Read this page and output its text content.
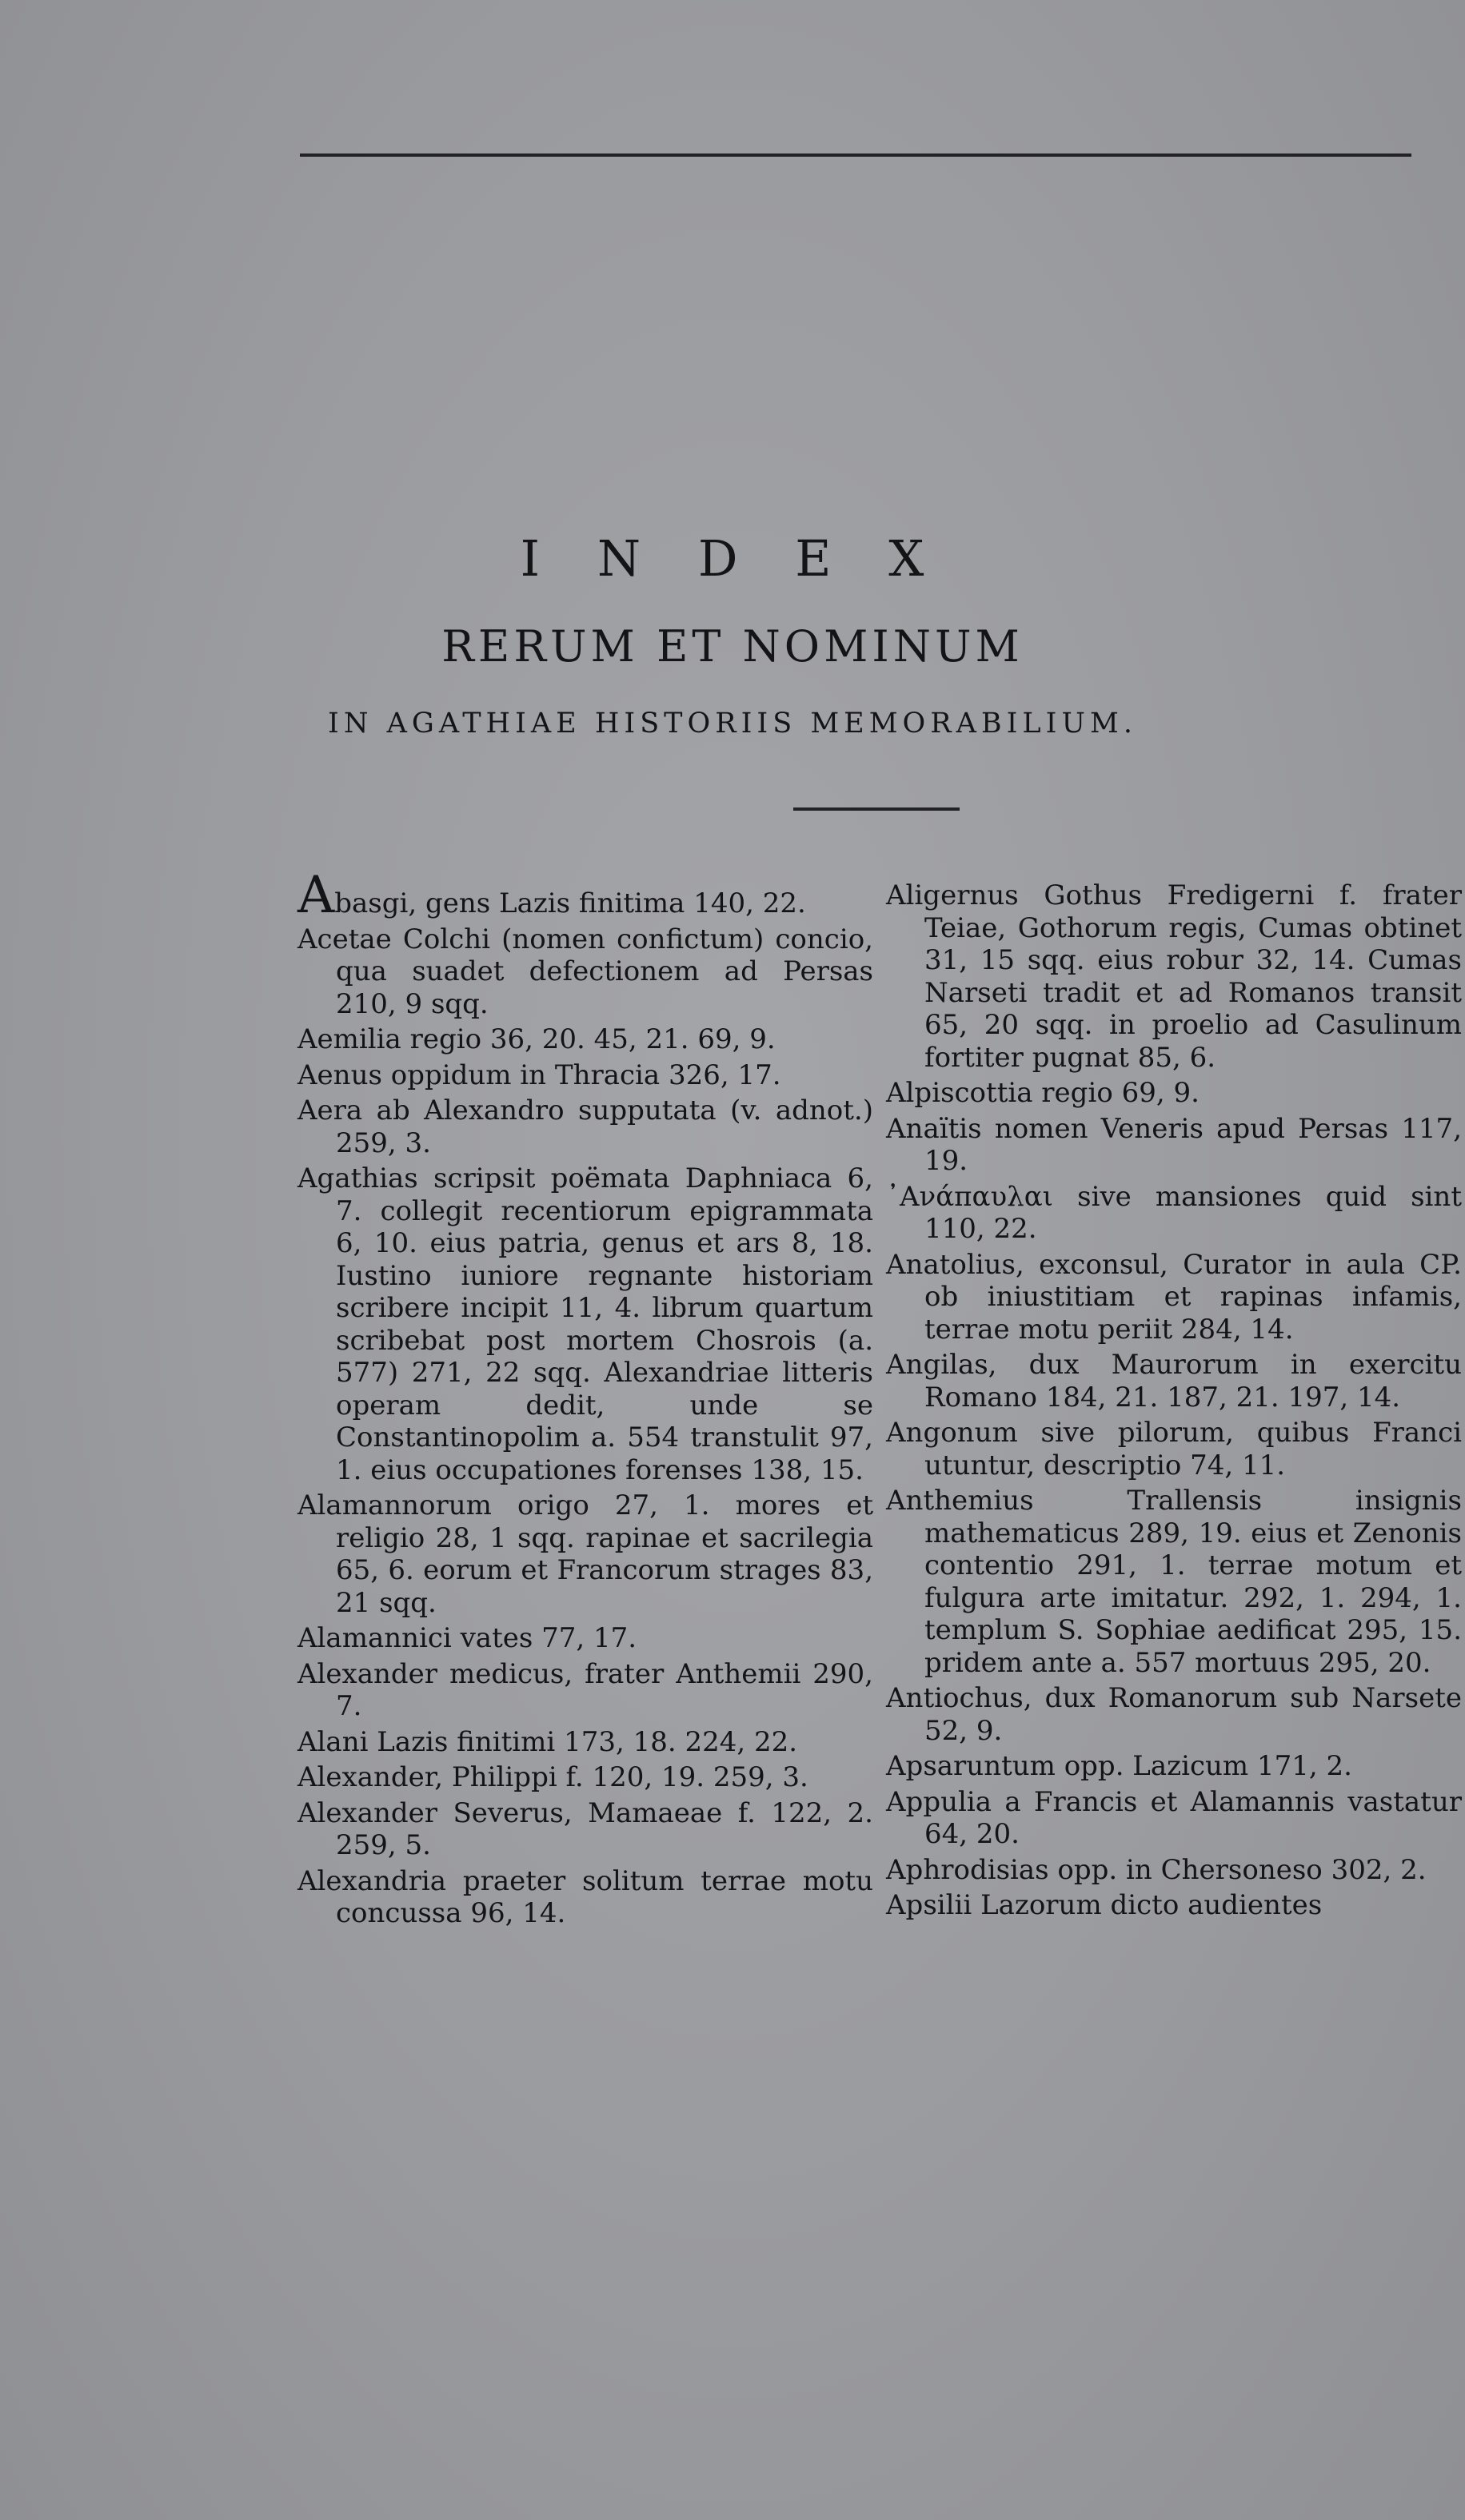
I N D E X
RERUM ET NOMINUM
IN AGATHIAE HISTORIIS MEMORABILIUM.

Abasgi, gens Lazis finitima 140, 22.

Acetae Colchi (nomen confictum) concio, qua suadet defectionem ad Persas 210, 9 sqq.

Aemilia regio 36, 20. 45, 21. 69, 9.

Aenus oppidum in Thracia 326, 17.

Aera ab Alexandro supputata (v. adnot.) 259, 3.

Agathias scripsit poëmata Daphniaca 6, 7. collegit recentiorum epigrammata 6, 10. eius patria, genus et ars 8, 18. Iustino iuniore regnante historiam scribere incipit 11, 4. librum quartum scribebat post mortem Chosrois (a. 577) 271, 22 sqq. Alexandriae litteris operam dedit, unde se Constantinopolim a. 554 transtulit 97, 1. eius occupationes forenses 138, 15.

Alamannorum origo 27, 1. mores et religio 28, 1 sqq. rapinae et sacrilegia 65, 6. eorum et Francorum strages 83, 21 sqq.

Alamannici vates 77, 17.

Alexander medicus, frater Anthemii 290, 7.

Alani Lazis finitimi 173, 18. 224, 22.

Alexander, Philippi f. 120, 19. 259, 3.

Alexander Severus, Mamaeae f. 122, 2. 259, 5.

Alexandria praeter solitum terrae motu concussa 96, 14.

Aligernus Gothus Fredigerni f. frater Teiae, Gothorum regis, Cumas obtinet 31, 15 sqq. eius robur 32, 14. Cumas Narseti tradit et ad Romanos transit 65, 20 sqq. in proelio ad Casulinum fortiter pugnat 85, 6.

Alpiscottia regio 69, 9.

Anaïtis nomen Veneris apud Persas 117, 19.

᾿Ανάπαυλαι sive mansiones quid sint 110, 22.

Anatolius, exconsul, Curator in aula CP. ob iniustitiam et rapinas infamis, terrae motu periit 284, 14.

Angilas, dux Maurorum in exercitu Romano 184, 21. 187, 21. 197, 14.

Angonum sive pilorum, quibus Franci utuntur, descriptio 74, 11.

Anthemius Trallensis insignis mathematicus 289, 19. eius et Zenonis contentio 291, 1. terrae motum et fulgura arte imitatur. 292, 1. 294, 1. templum S. Sophiae aedificat 295, 15. pridem ante a. 557 mortuus 295, 20.

Antiochus, dux Romanorum sub Narsete 52, 9.

Apsaruntum opp. Lazicum 171, 2.

Appulia a Francis et Alamannis vastatur 64, 20.

Aphrodisias opp. in Chersoneso 302, 2.

Apsilii Lazorum dicto audientes
